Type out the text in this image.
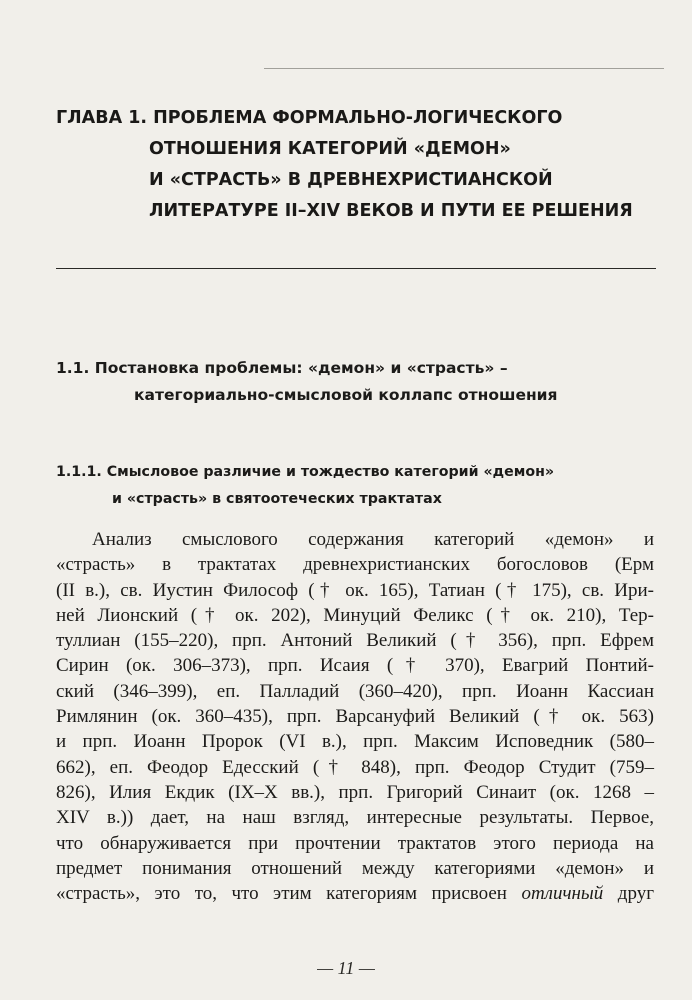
ГЛАВА 1. ПРОБЛЕМА ФОРМАЛЬНО-ЛОГИЧЕСКОГО
ОТНОШЕНИЯ КАТЕГОРИЙ «ДЕМОН»
И «СТРАСТЬ» В ДРЕВНЕХРИСТИАНСКОЙ
ЛИТЕРАТУРЕ II–XIV ВЕКОВ И ПУТИ ЕЕ РЕШЕНИЯ
1.1. Постановка проблемы: «демон» и «страсть» –
категориально-смысловой коллапс отношения
1.1.1. Смысловое различие и тождество категорий «демон»
и «страсть» в святоотеческих трактатах
Анализ смыслового содержания категорий «демон» и
«страсть» в трактатах древнехристианских богословов (Ерм
(II в.), св. Иустин Философ († ок. 165), Татиан († 175), св. Ири-
ней Лионский († ок. 202), Минуций Феликс († ок. 210), Тер-
туллиан (155–220), прп. Антоний Великий († 356), прп. Ефрем
Сирин (ок. 306–373), прп. Исаия († 370), Евагрий Понтий-
ский (346–399), еп. Палладий (360–420), прп. Иоанн Кассиан
Римлянин (ок. 360–435), прп. Варсануфий Великий († ок. 563)
и прп. Иоанн Пророк (VI в.), прп. Максим Исповедник (580–
662), еп. Феодор Едесский († 848), прп. Феодор Студит (759–
826), Илия Екдик (IX–X вв.), прп. Григорий Синаит (ок. 1268 –
XIV в.)) дает, на наш взгляд, интересные результаты. Первое,
что обнаруживается при прочтении трактатов этого периода на
предмет понимания отношений между категориями «демон» и
«страсть», это то, что этим категориям присвоен отличный друг
— 11 —
